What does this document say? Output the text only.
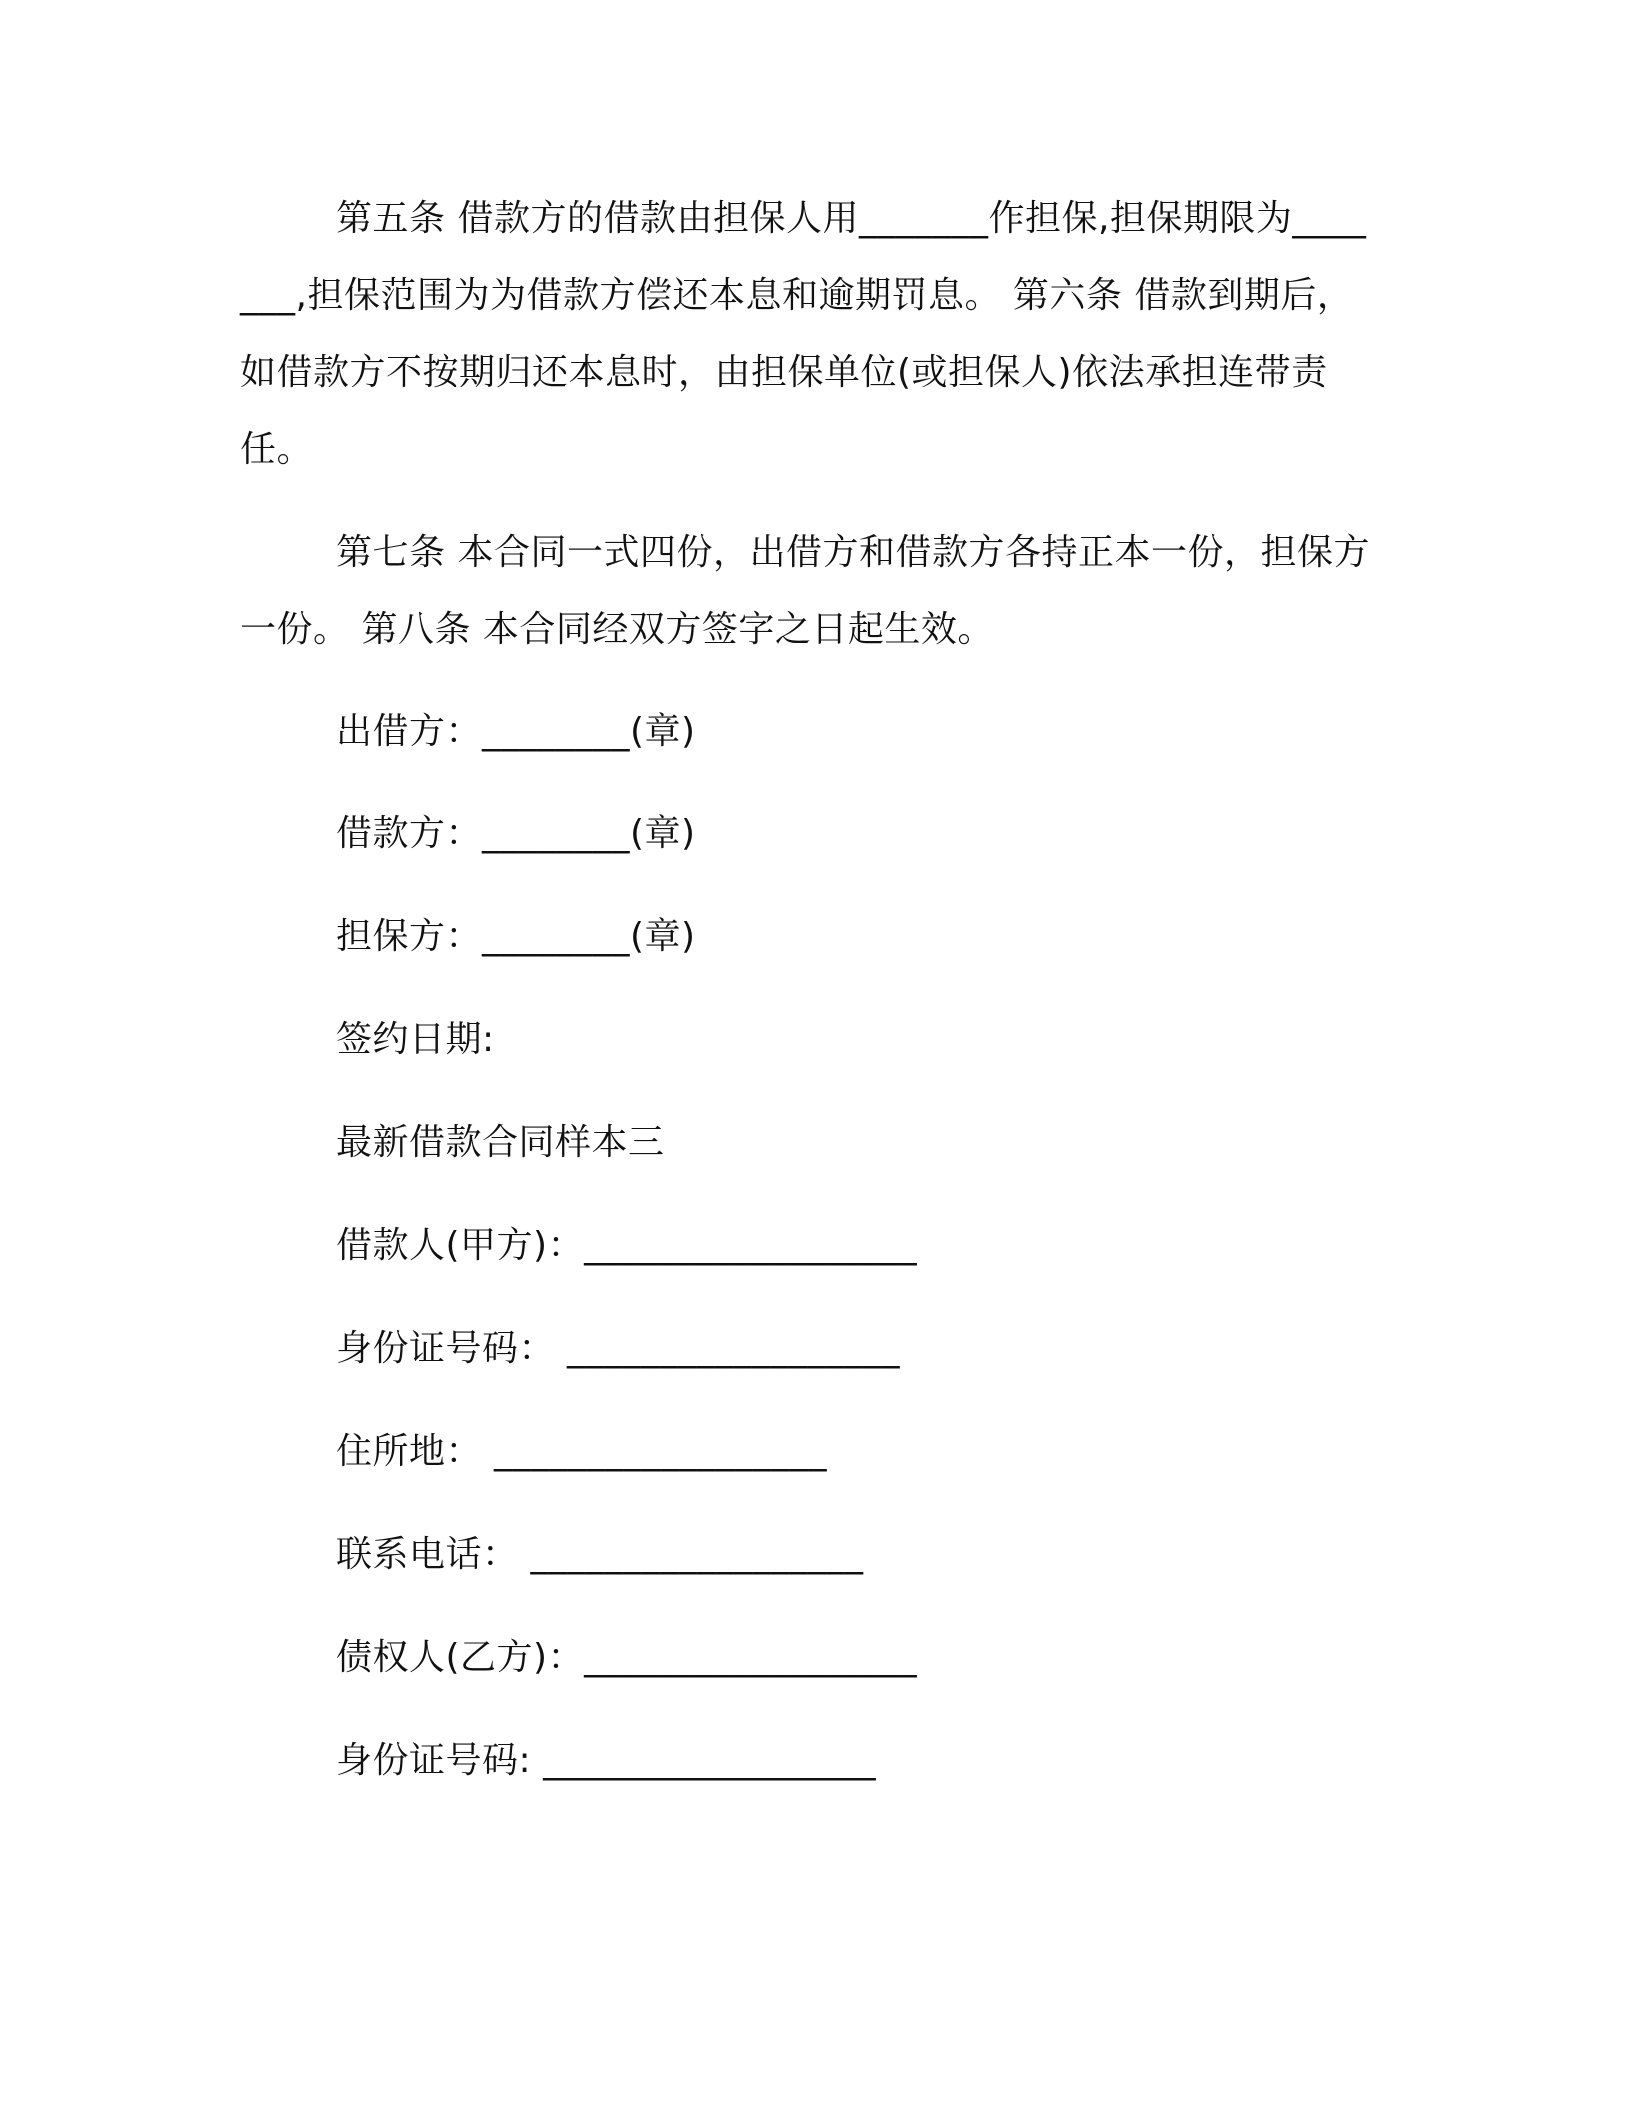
第五条 借款方的借款由担保人用_______作担保,担保期限为_______,担保范围为为借款方偿还本息和逾期罚息。 第六条 借款到期后，如借款方不按期归还本息时，由担保单位(或担保人)依法承担连带责任。

第七条 本合同一式四份，出借方和借款方各持正本一份，担保方一份。 第八条 本合同经双方签字之日起生效。

出借方：________(章)

借款方：________(章)

担保方：________(章)

签约日期:

最新借款合同样本三

借款人(甲方)：__________________

身份证号码： __________________

住所地： __________________

联系电话： __________________

债权人(乙方)：__________________

身份证号码: __________________
